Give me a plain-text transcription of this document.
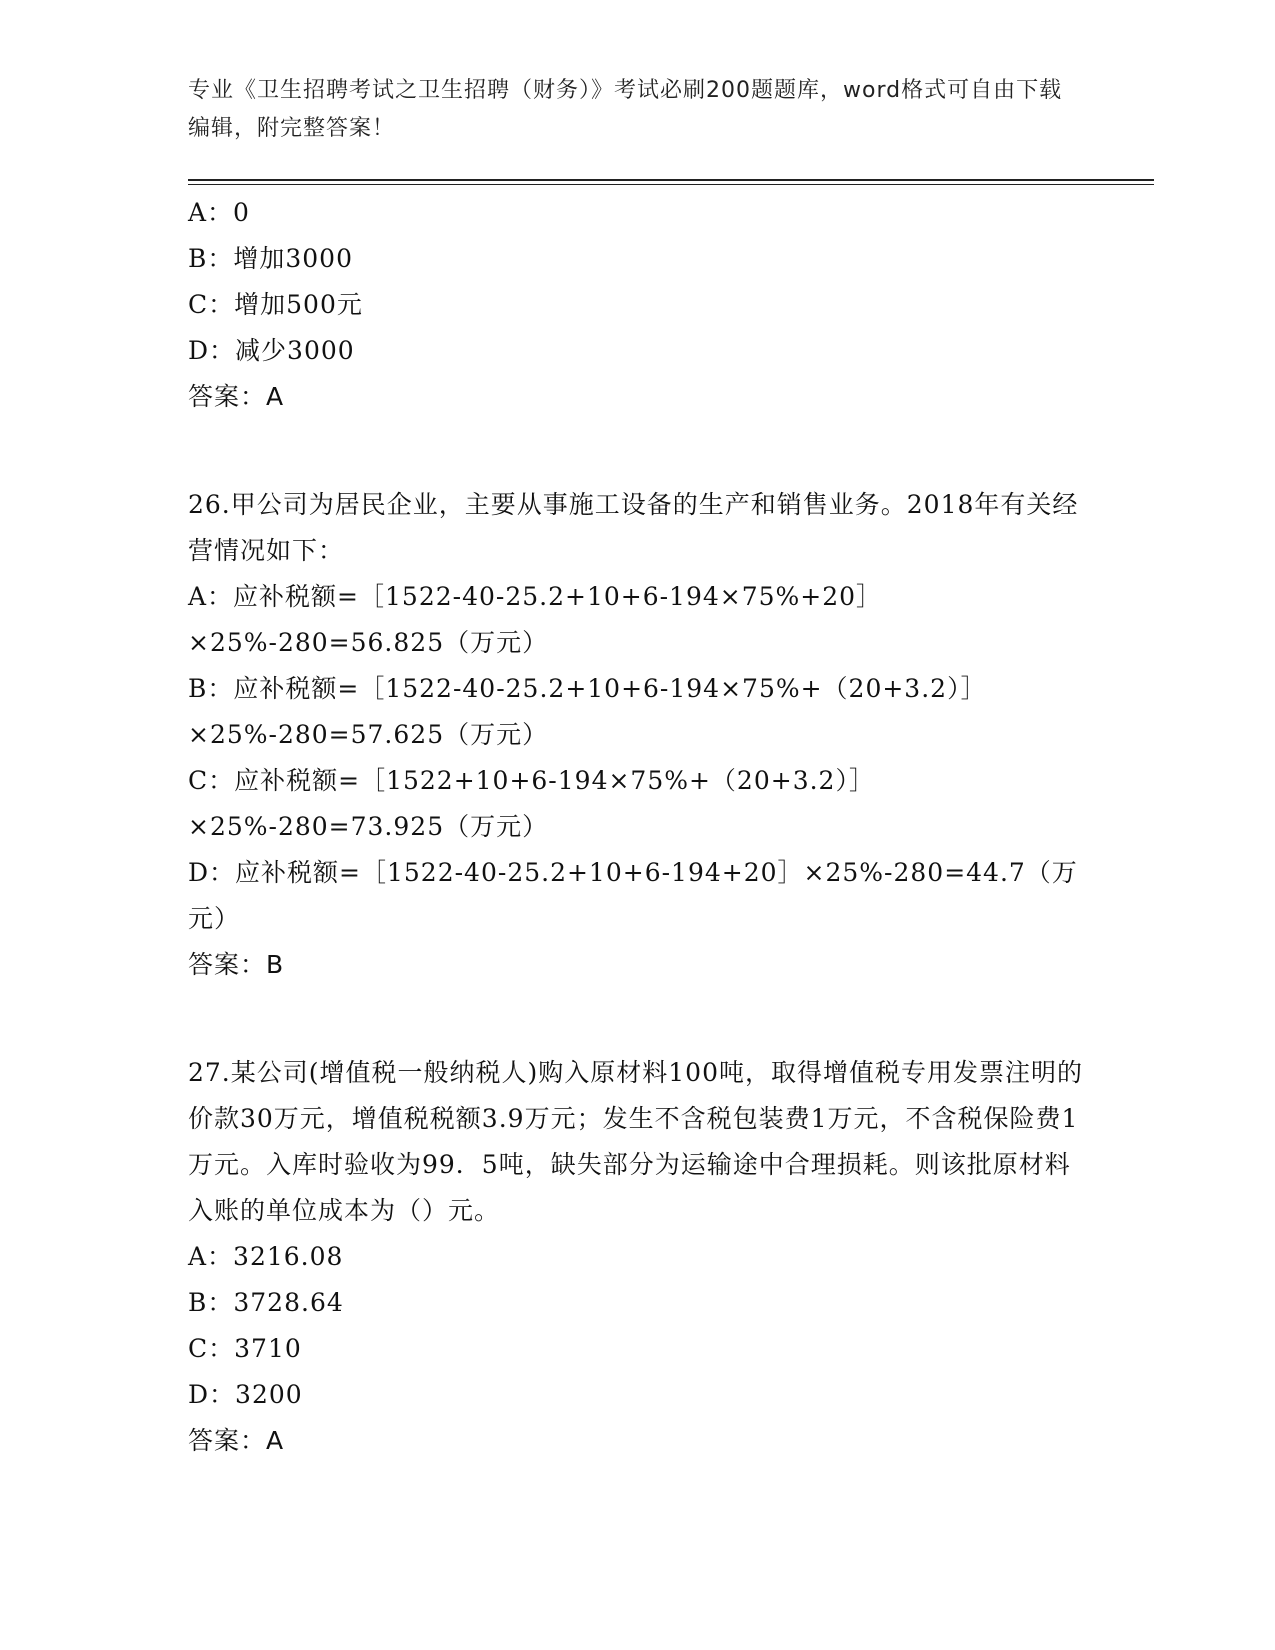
专业《卫生招聘考试之卫生招聘（财务）》考试必刷200题题库，word格式可自由下载编辑，附完整答案！

A：0

B：增加3000

C：增加500元

D：减少3000

答案：A

26.甲公司为居民企业，主要从事施工设备的生产和销售业务。2018年有关经营情况如下：

A：应补税额=［1522-40-25.2+10+6-194×75%+20］×25%-280=56.825（万元）

B：应补税额=［1522-40-25.2+10+6-194×75%+（20+3.2）］×25%-280=57.625（万元）

C：应补税额=［1522+10+6-194×75%+（20+3.2）］×25%-280=73.925（万元）

D：应补税额=［1522-40-25.2+10+6-194+20］×25%-280=44.7（万元）

答案：B

27.某公司(增值税一般纳税人)购入原材料100吨，取得增值税专用发票注明的价款30万元，增值税税额3.9万元；发生不含税包装费1万元，不含税保险费1万元。入库时验收为99．5吨，缺失部分为运输途中合理损耗。则该批原材料入账的单位成本为（）元。

A：3216.08

B：3728.64

C：3710

D：3200

答案：A
